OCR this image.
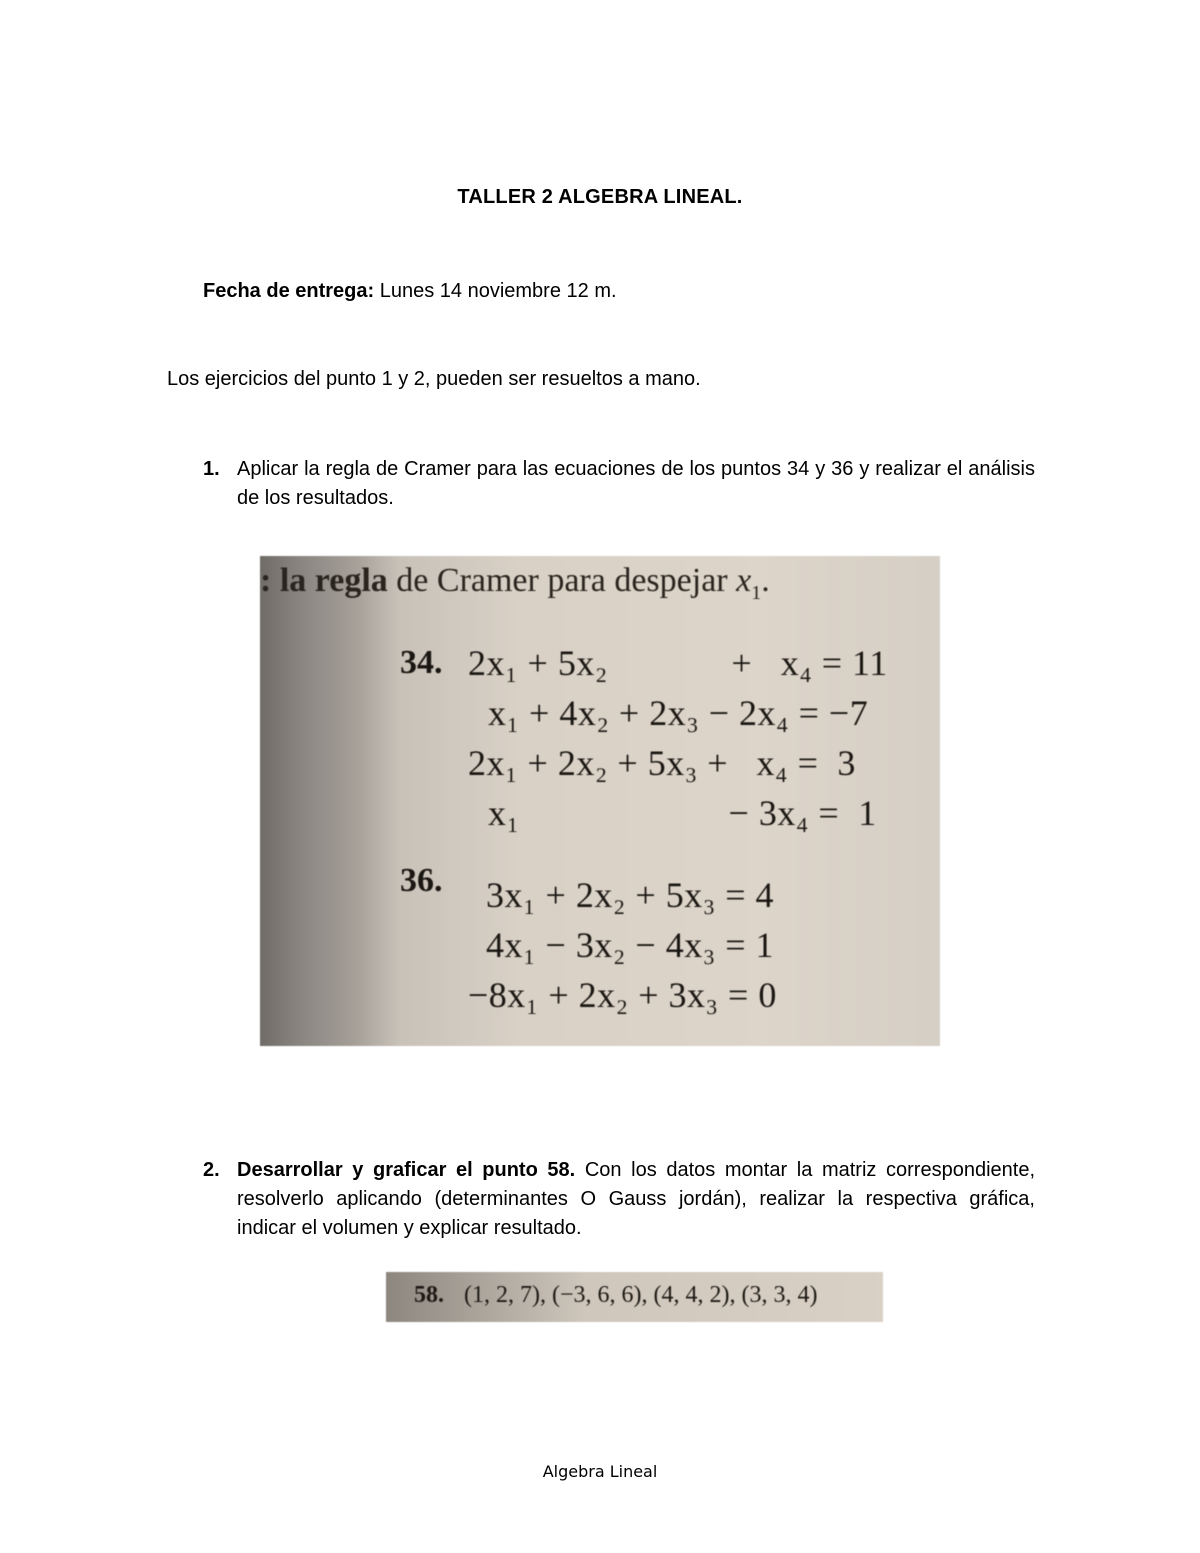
TALLER 2 ALGEBRA LINEAL.
Fecha de entrega: Lunes 14 noviembre 12 m.
Los ejercicios del punto 1 y 2, pueden ser resueltos a mano.
1. Aplicar la regla de Cramer para las ecuaciones de los puntos 34 y 36 y realizar el análisis de los resultados.
: la regla de Cramer para despejar $x_1$.
34. 2x₁ + 5x₂             +   x₄ = 11
x₁ + 4x₂ + 2x₃ − 2x₄ = −7
2x₁ + 2x₂ + 5x₃ +   x₄ =  3
x₁                      − 3x₄ =  1
36. 3x₁ + 2x₂ + 5x₃ = 4
4x₁ − 3x₂ − 4x₃ = 1
−8x₁ + 2x₂ + 3x₃ = 0
2. Desarrollar y graficar el punto 58. Con los datos montar la matriz correspondiente, resolverlo aplicando (determinantes O Gauss jordán), realizar la respectiva gráfica, indicar el volumen y explicar resultado.
58. (1, 2, 7), (−3, 6, 6), (4, 4, 2), (3, 3, 4)
Algebra Lineal
